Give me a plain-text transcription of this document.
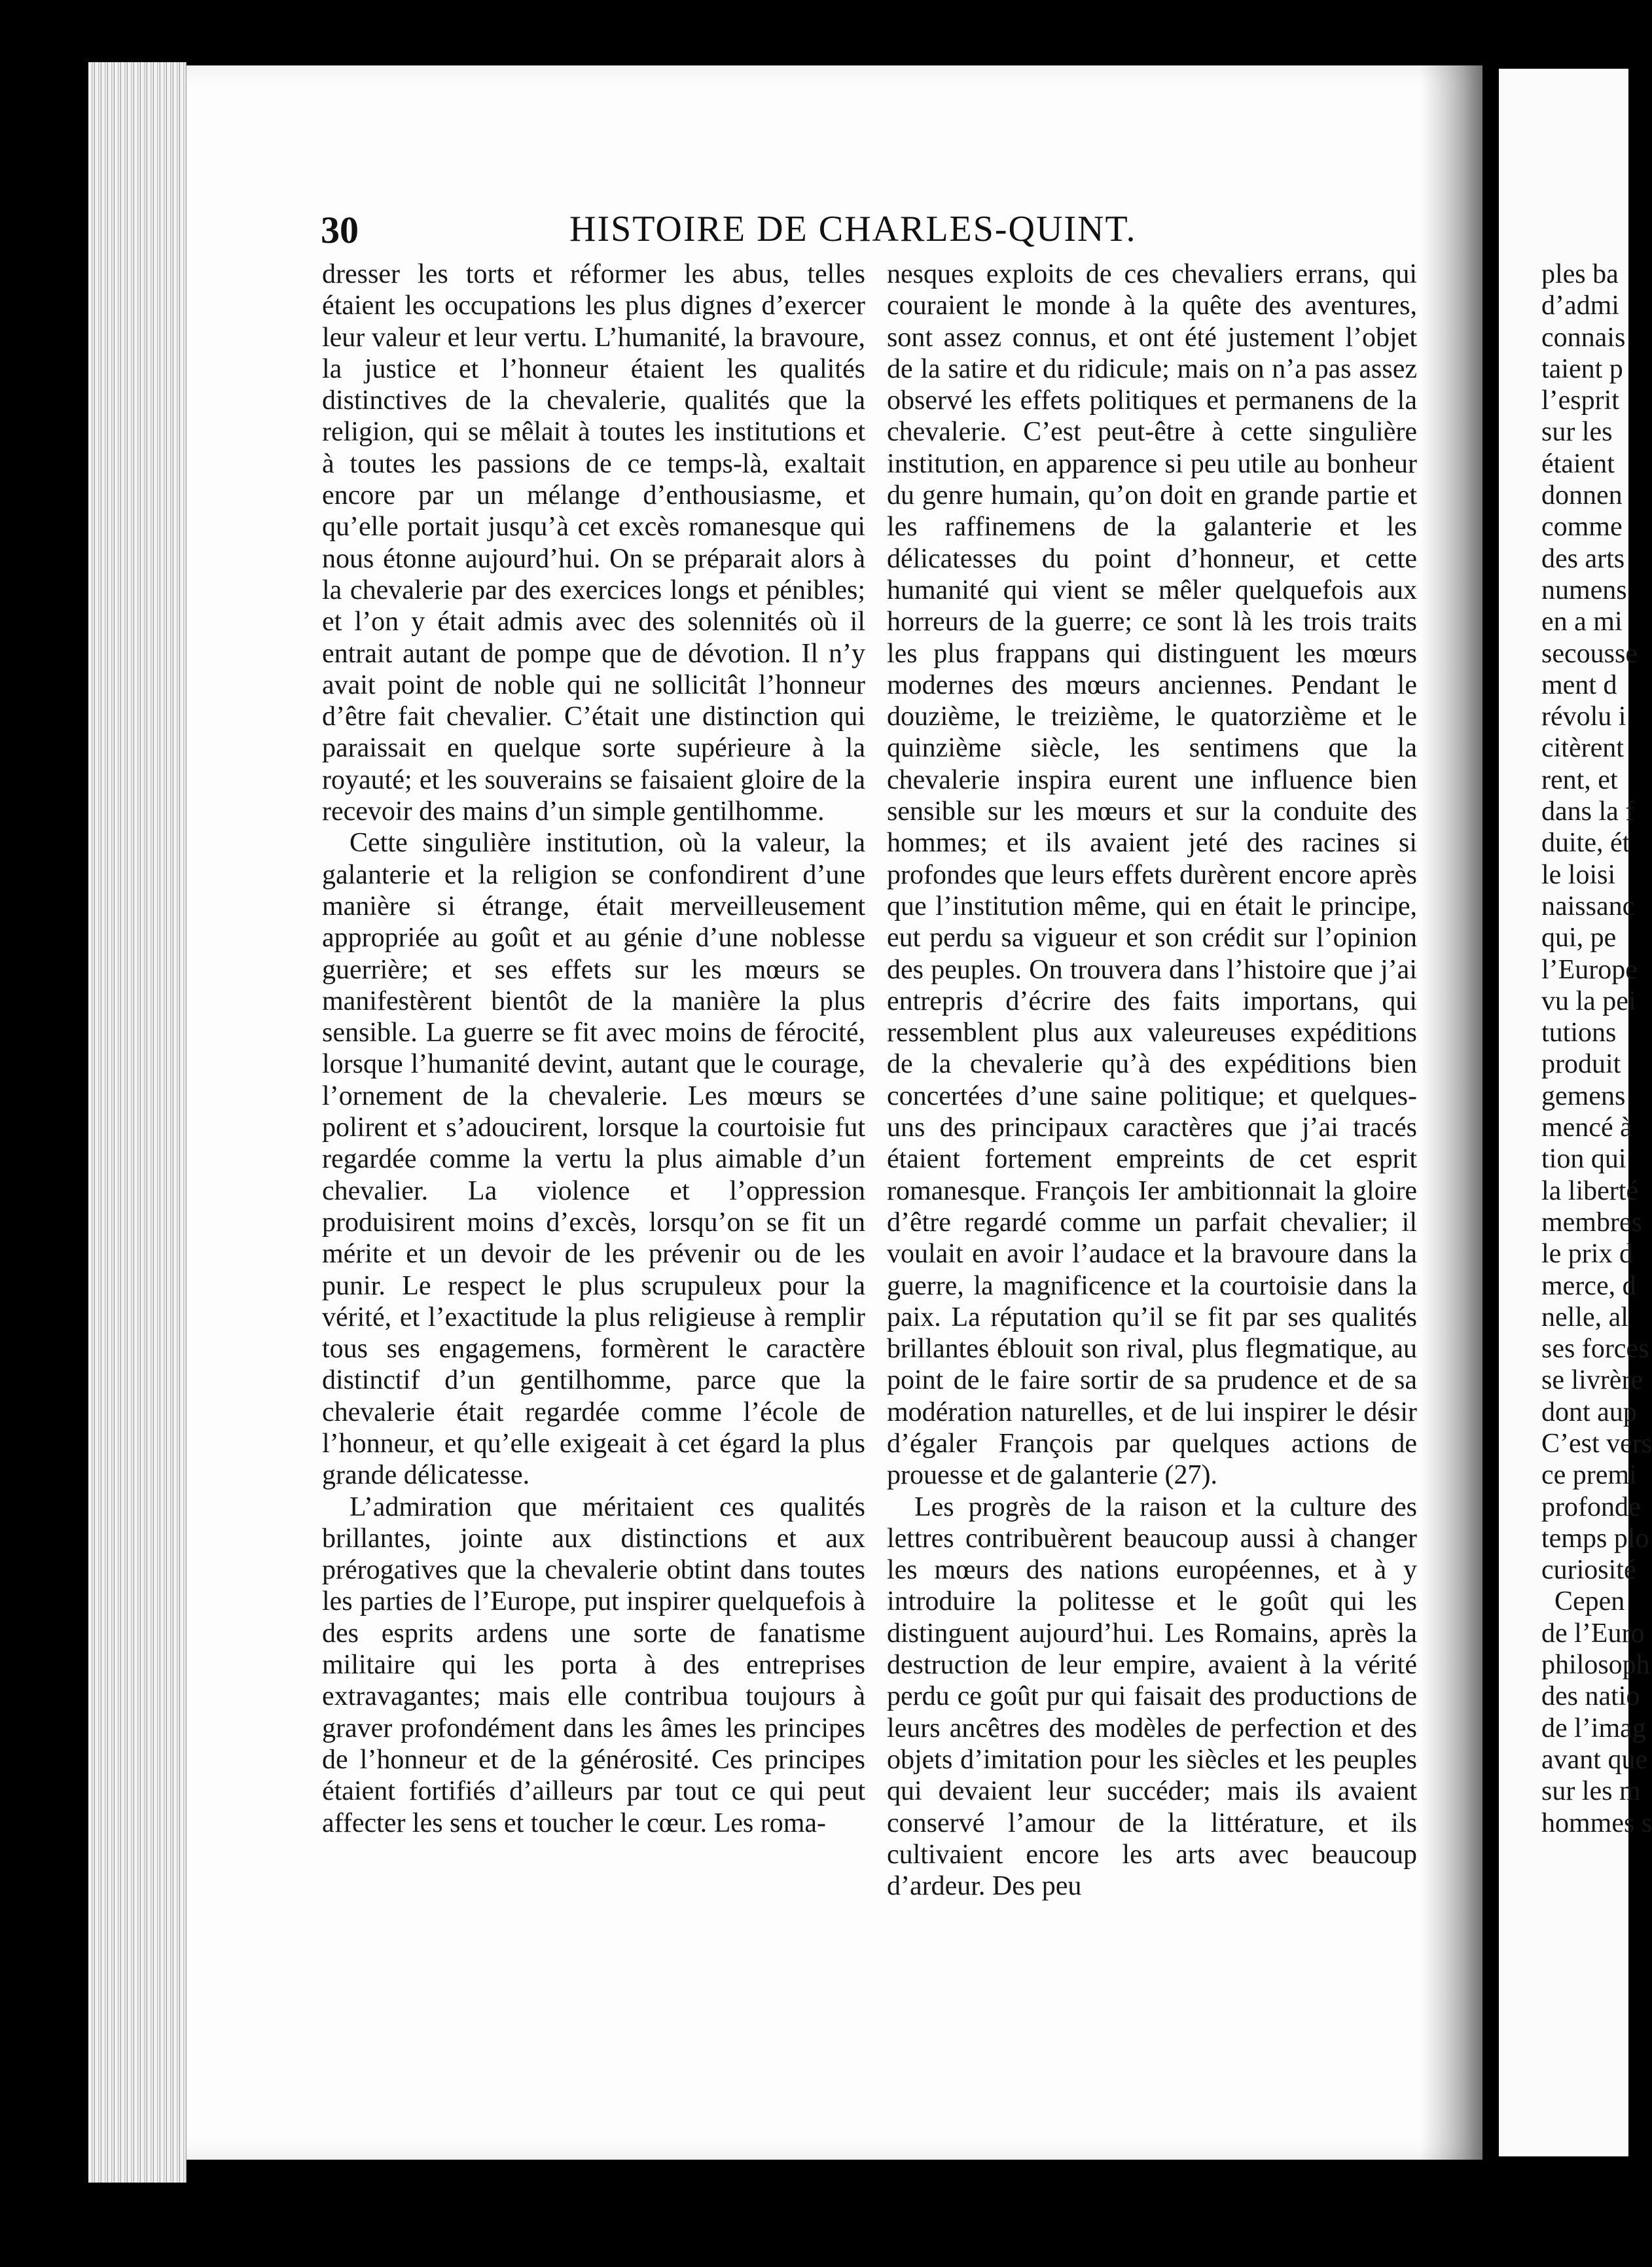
30	HISTOIRE DE CHARLES-QUINT.

dresser les torts et réformer les abus, telles étaient les occupations les plus dignes d’exercer leur valeur et leur vertu. L’humanité, la bravoure, la justice et l’honneur étaient les qualités distinctives de la chevalerie, qualités que la religion, qui se mêlait à toutes les institutions et à toutes les passions de ce temps-là, exaltait encore par un mélange d’enthousiasme, et qu’elle portait jusqu’à cet excès romanesque qui nous étonne aujourd’hui. On se préparait alors à la chevalerie par des exercices longs et pénibles; et l’on y était admis avec des solennités où il entrait autant de pompe que de dévotion. Il n’y avait point de noble qui ne sollicitât l’honneur d’être fait chevalier. C’était une distinction qui paraissait en quelque sorte supérieure à la royauté; et les souverains se faisaient gloire de la recevoir des mains d’un simple gentilhomme.

Cette singulière institution, où la valeur, la galanterie et la religion se confondirent d’une manière si étrange, était merveilleusement appropriée au goût et au génie d’une noblesse guerrière; et ses effets sur les mœurs se manifestèrent bientôt de la manière la plus sensible. La guerre se fit avec moins de férocité, lorsque l’humanité devint, autant que le courage, l’ornement de la chevalerie. Les mœurs se polirent et s’adoucirent, lorsque la courtoisie fut regardée comme la vertu la plus aimable d’un chevalier. La violence et l’oppression produisirent moins d’excès, lorsqu’on se fit un mérite et un devoir de les prévenir ou de les punir. Le respect le plus scrupuleux pour la vérité, et l’exactitude la plus religieuse à remplir tous ses engagemens, formèrent le caractère distinctif d’un gentilhomme, parce que la chevalerie était regardée comme l’école de l’honneur, et qu’elle exigeait à cet égard la plus grande délicatesse.

L’admiration que méritaient ces qualités brillantes, jointe aux distinctions et aux prérogatives que la chevalerie obtint dans toutes les parties de l’Europe, put inspirer quelquefois à des esprits ardens une sorte de fanatisme militaire qui les porta à des entreprises extravagantes; mais elle contribua toujours à graver profondément dans les âmes les principes de l’honneur et de la générosité. Ces principes étaient fortifiés d’ailleurs par tout ce qui peut affecter les sens et toucher le cœur. Les roma-

nesques exploits de ces chevaliers errans, qui couraient le monde à la quête des aventures, sont assez connus, et ont été justement l’objet de la satire et du ridicule; mais on n’a pas assez observé les effets politiques et permanens de la chevalerie. C’est peut-être à cette singulière institution, en apparence si peu utile au bonheur du genre humain, qu’on doit en grande partie et les raffinemens de la galanterie et les délicatesses du point d’honneur, et cette humanité qui vient se mêler quelquefois aux horreurs de la guerre; ce sont là les trois traits les plus frappans qui distinguent les mœurs modernes des mœurs anciennes. Pendant le douzième, le treizième, le quatorzième et le quinzième siècle, les sentimens que la chevalerie inspira eurent une influence bien sensible sur les mœurs et sur la conduite des hommes; et ils avaient jeté des racines si profondes que leurs effets durèrent encore après que l’institution même, qui en était le principe, eut perdu sa vigueur et son crédit sur l’opinion des peuples. On trouvera dans l’histoire que j’ai entrepris d’écrire des faits importans, qui ressemblent plus aux valeureuses expéditions de la chevalerie qu’à des expéditions bien concertées d’une saine politique; et quelques-uns des principaux caractères que j’ai tracés étaient fortement empreints de cet esprit romanesque. François Ier ambitionnait la gloire d’être regardé comme un parfait chevalier; il voulait en avoir l’audace et la bravoure dans la guerre, la magnificence et la courtoisie dans la paix. La réputation qu’il se fit par ses qualités brillantes éblouit son rival, plus flegmatique, au point de le faire sortir de sa prudence et de sa modération naturelles, et de lui inspirer le désir d’égaler François par quelques actions de prouesse et de galanterie (27).

Les progrès de la raison et la culture des lettres contribuèrent beaucoup aussi à changer les mœurs des nations européennes, et à y introduire la politesse et le goût qui les distinguent aujourd’hui. Les Romains, après la destruction de leur empire, avaient à la vérité perdu ce goût pur qui faisait des productions de leurs ancêtres des modèles de perfection et des objets d’imitation pour les siècles et les peuples qui devaient leur succéder; mais ils avaient conservé l’amour de la littérature, et ils cultivaient encore les arts avec beaucoup d’ardeur. Des peu

ples ba
d’admi
connais
taient p
l’esprit
sur les
étaient
donnen
comme
des arts
numens
en a mi
secousse
ment d
révolu i
citèrent
rent, et
dans la f
duite, ét
le loisi
naissanc
qui, pe
l’Europe
vu la pei
tutions
produit
gemens
mencé à
tion qui
la liberté
membres
le prix d
merce, d
nelle, al
ses forces
se livrère
dont aup
C’est vers
ce premi
profonde
temps plo
curiosité
Cepen
de l’Euro
philosoph
des natio
de l’imag
avant que
sur les m
hommes s
